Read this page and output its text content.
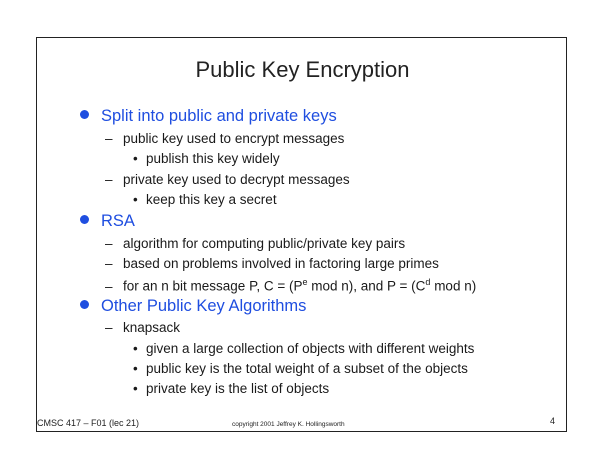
Public Key Encryption
Split into public and private keys
– public key used to encrypt messages
• publish this key widely
– private key used to decrypt messages
• keep this key a secret
RSA
– algorithm for computing public/private key pairs
– based on problems involved in factoring large primes
– for an n bit message P, $C = (P^e$ mod n), and $P = (C^d$ mod n)
Other Public Key Algorithms
– knapsack
• given a large collection of objects with different weights
• public key is the total weight of a subset of the objects
• private key is the list of objects
CMSC 417 – F01 (lec 21)	copyright 2001 Jeffrey K. Hollingsworth	4
